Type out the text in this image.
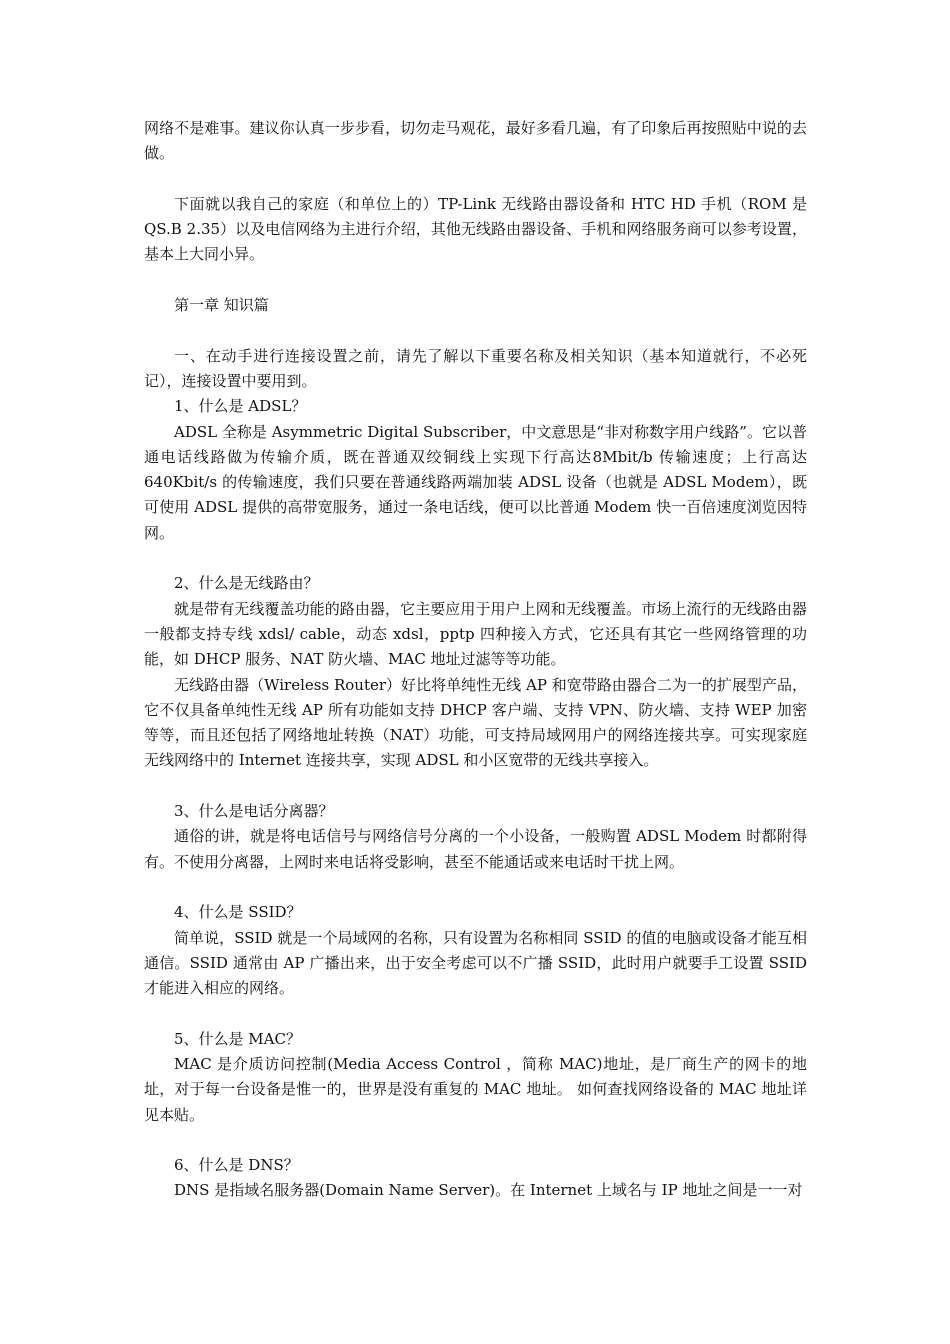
网络不是难事。建议你认真一步步看，切勿走马观花，最好多看几遍，有了印象后再按照贴中说的去做。

下面就以我自己的家庭（和单位上的）TP-Link 无线路由器设备和 HTC HD 手机（ROM 是 QS.B 2.35）以及电信网络为主进行介绍，其他无线路由器设备、手机和网络服务商可以参考设置，基本上大同小异。

第一章 知识篇

一、在动手进行连接设置之前，请先了解以下重要名称及相关知识（基本知道就行，不必死记），连接设置中要用到。

1、什么是 ADSL？

ADSL 全称是 Asymmetric Digital Subscriber，中文意思是“非对称数字用户线路”。它以普通电话线路做为传输介质，既在普通双绞铜线上实现下行高达8Mbit/b 传输速度；上行高达640Kbit/s 的传输速度，我们只要在普通线路两端加装 ADSL 设备（也就是 ADSL Modem），既可使用 ADSL 提供的高带宽服务，通过一条电话线，便可以比普通 Modem 快一百倍速度浏览因特网。

2、什么是无线路由？

就是带有无线覆盖功能的路由器，它主要应用于用户上网和无线覆盖。市场上流行的无线路由器一般都支持专线 xdsl/ cable，动态 xdsl，pptp 四种接入方式，它还具有其它一些网络管理的功能，如 DHCP 服务、NAT 防火墙、MAC 地址过滤等等功能。

无线路由器（Wireless Router）好比将单纯性无线 AP 和宽带路由器合二为一的扩展型产品，它不仅具备单纯性无线 AP 所有功能如支持 DHCP 客户端、支持 VPN、防火墙、支持 WEP 加密等等，而且还包括了网络地址转换（NAT）功能，可支持局域网用户的网络连接共享。可实现家庭无线网络中的 Internet 连接共享，实现 ADSL 和小区宽带的无线共享接入。

3、什么是电话分离器？

通俗的讲，就是将电话信号与网络信号分离的一个小设备，一般购置 ADSL Modem 时都附得有。不使用分离器，上网时来电话将受影响，甚至不能通话或来电话时干扰上网。

4、什么是 SSID？

简单说，SSID 就是一个局域网的名称，只有设置为名称相同 SSID 的值的电脑或设备才能互相通信。SSID 通常由 AP 广播出来，出于安全考虑可以不广播 SSID，此时用户就要手工设置 SSID 才能进入相应的网络。

5、什么是 MAC？

MAC 是介质访问控制(Media Access Control ，简称 MAC)地址，是厂商生产的网卡的地址，对于每一台设备是惟一的，世界是没有重复的 MAC 地址。 如何查找网络设备的 MAC 地址详见本贴。

6、什么是 DNS？

DNS 是指域名服务器(Domain Name Server)。在 Internet 上域名与 IP 地址之间是一一对
